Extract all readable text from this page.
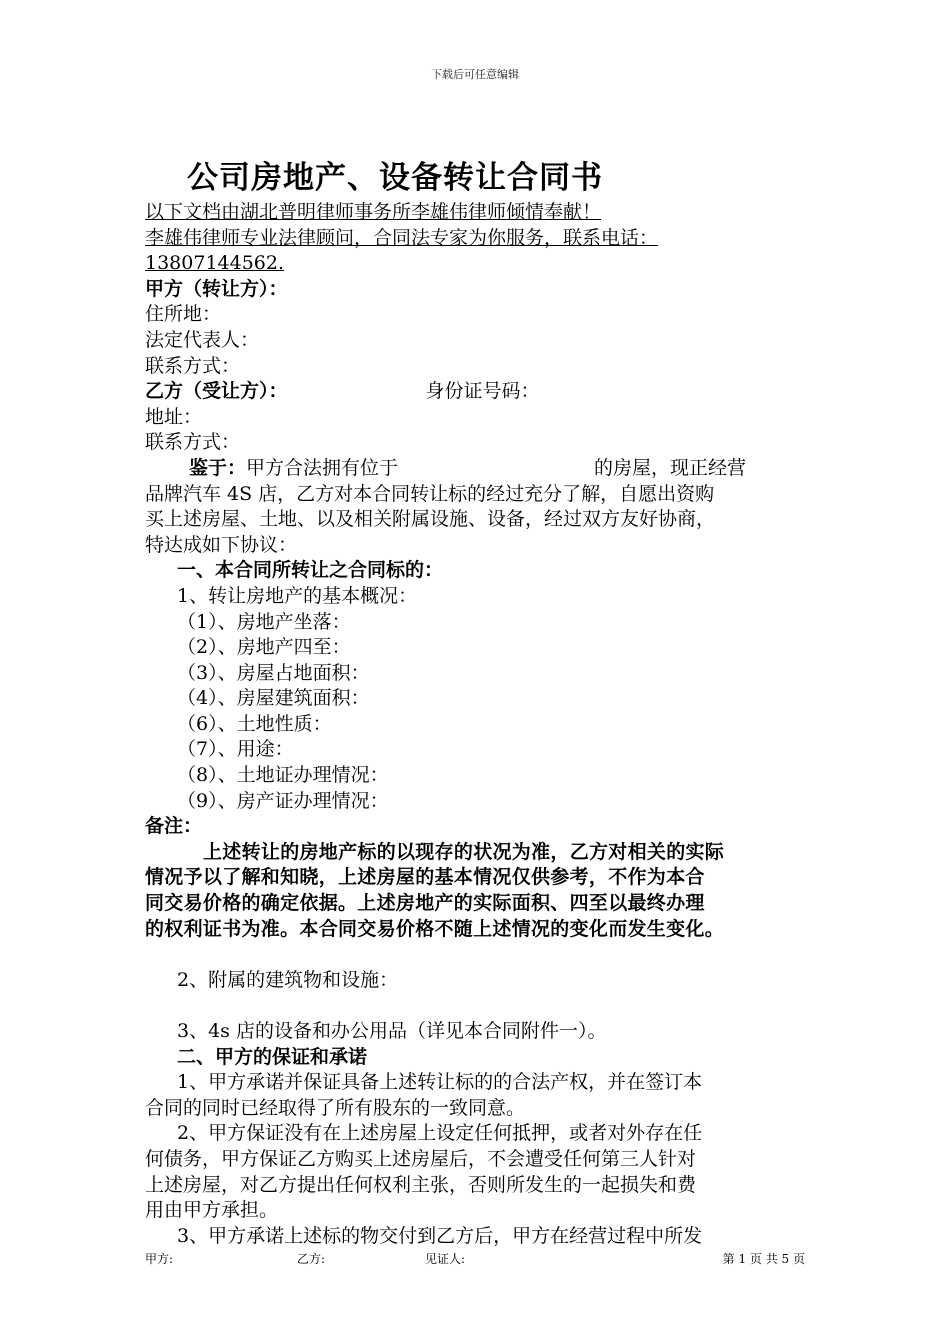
下载后可任意编辑
公司房地产、设备转让合同书

以下文档由湖北普明律师事务所李雄伟律师倾情奉献！

李雄伟律师专业法律顾问，合同法专家为你服务，联系电话：

13807144562.

甲方（转让方）：

住所地：

法定代表人：

联系方式：

乙方（受让方）：	身份证号码：

地址：

联系方式：

鉴于：甲方合法拥有位于	的房屋，现正经营

品牌汽车 4S 店，乙方对本合同转让标的经过充分了解，自愿出资购

买上述房屋、土地、以及相关附属设施、设备，经过双方友好协商，

特达成如下协议：

一、本合同所转让之合同标的：

1、转让房地产的基本概况：

（1）、房地产坐落：

（2）、房地产四至：

（3）、房屋占地面积：

（4）、房屋建筑面积：

（6）、土地性质：

（7）、用途：

（8）、土地证办理情况：

（9）、房产证办理情况：

备注：

上述转让的房地产标的以现存的状况为准，乙方对相关的实际

情况予以了解和知晓，上述房屋的基本情况仅供参考，不作为本合

同交易价格的确定依据。上述房地产的实际面积、四至以最终办理

的权利证书为准。本合同交易价格不随上述情况的变化而发生变化。

2、附属的建筑物和设施：

3、4s 店的设备和办公用品（详见本合同附件一）。

二、甲方的保证和承诺

1、甲方承诺并保证具备上述转让标的的合法产权，并在签订本

合同的同时已经取得了所有股东的一致同意。

2、甲方保证没有在上述房屋上设定任何抵押，或者对外存在任

何债务，甲方保证乙方购买上述房屋后，不会遭受任何第三人针对

上述房屋，对乙方提出任何权利主张，否则所发生的一起损失和费

用由甲方承担。

3、甲方承诺上述标的物交付到乙方后，甲方在经营过程中所发

甲方:	乙方:	见证人:	第 1 页 共 5 页
